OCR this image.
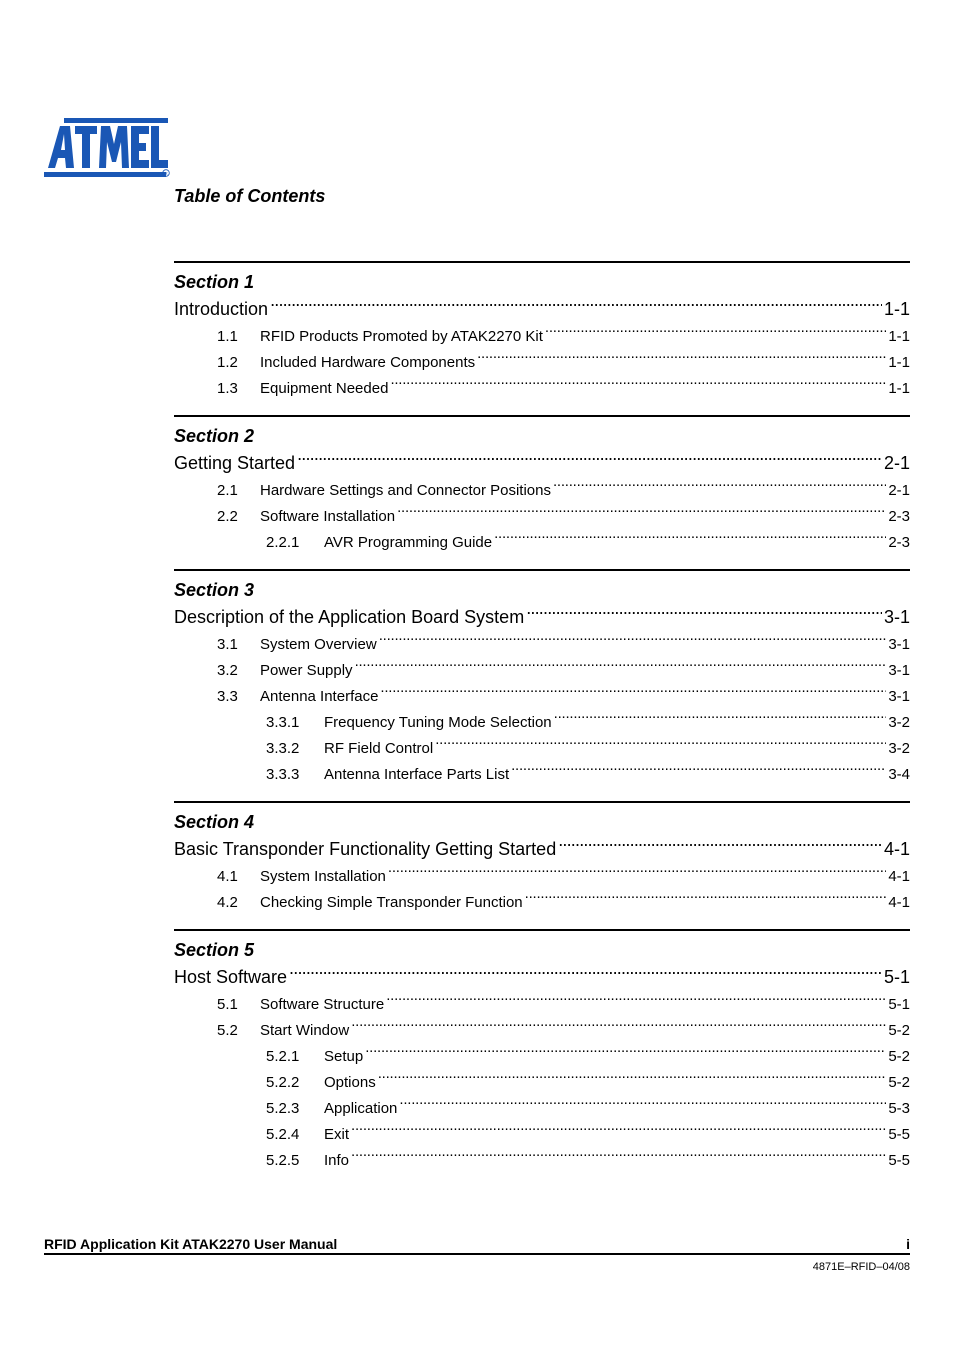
R
Table of Contents
Section 1
Introduction . . .	1-1
1.1	RFID Products Promoted by ATAK2270 Kit . . .	1-1
1.2	Included Hardware Components . . .	1-1
1.3	Equipment Needed . . .	1-1
Section 2
Getting Started . . .	2-1
2.1	Hardware Settings and Connector Positions . . .	2-1
2.2	Software Installation . . .	2-3
2.2.1	AVR Programming Guide . . .	2-3
Section 3
Description of the Application Board System . . .	3-1
3.1	System Overview . . .	3-1
3.2	Power Supply . . .	3-1
3.3	Antenna Interface . . .	3-1
3.3.1	Frequency Tuning Mode Selection . . .	3-2
3.3.2	RF Field Control . . .	3-2
3.3.3	Antenna Interface Parts List . . .	3-4
Section 4
Basic Transponder Functionality Getting Started . . .	4-1
4.1	System Installation . . .	4-1
4.2	Checking Simple Transponder Function . . .	4-1
Section 5
Host Software . . .	5-1
5.1	Software Structure . . .	5-1
5.2	Start Window . . .	5-2
5.2.1	Setup . . .	5-2
5.2.2	Options . . .	5-2
5.2.3	Application . . .	5-3
5.2.4	Exit . . .	5-5
5.2.5	Info . . .	5-5
RFID Application Kit ATAK2270 User Manual	i
4871E–RFID–04/08
